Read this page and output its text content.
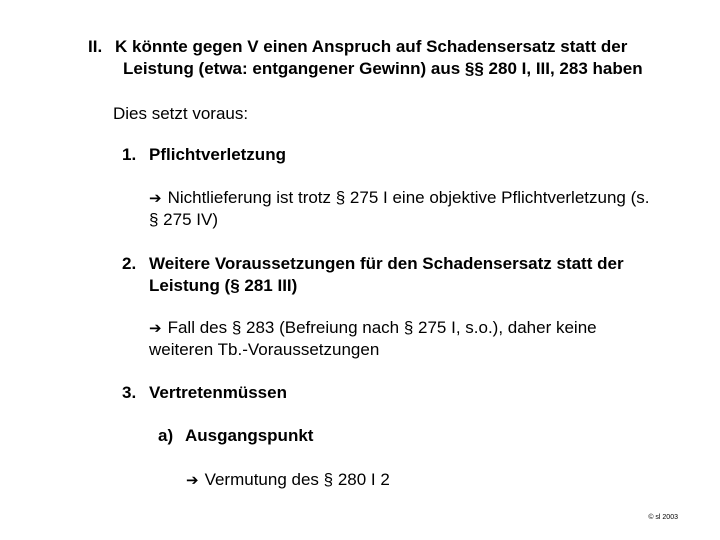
II. K könnte gegen V einen Anspruch auf Schadensersatz statt der
Leistung (etwa: entgangener Gewinn) aus §§ 280 I, III, 283 haben
Dies setzt voraus:
1. Pflichtverletzung
➔ Nichtlieferung ist trotz § 275 I eine objektive Pflichtverletzung (s.
§ 275 IV)
2. Weitere Voraussetzungen für den Schadensersatz statt der
Leistung (§ 281 III)
➔ Fall des § 283 (Befreiung nach § 275 I, s.o.), daher keine
weiteren Tb.-Voraussetzungen
3. Vertretenmüssen
a) Ausgangspunkt
➔ Vermutung des § 280 I 2
© sl 2003
